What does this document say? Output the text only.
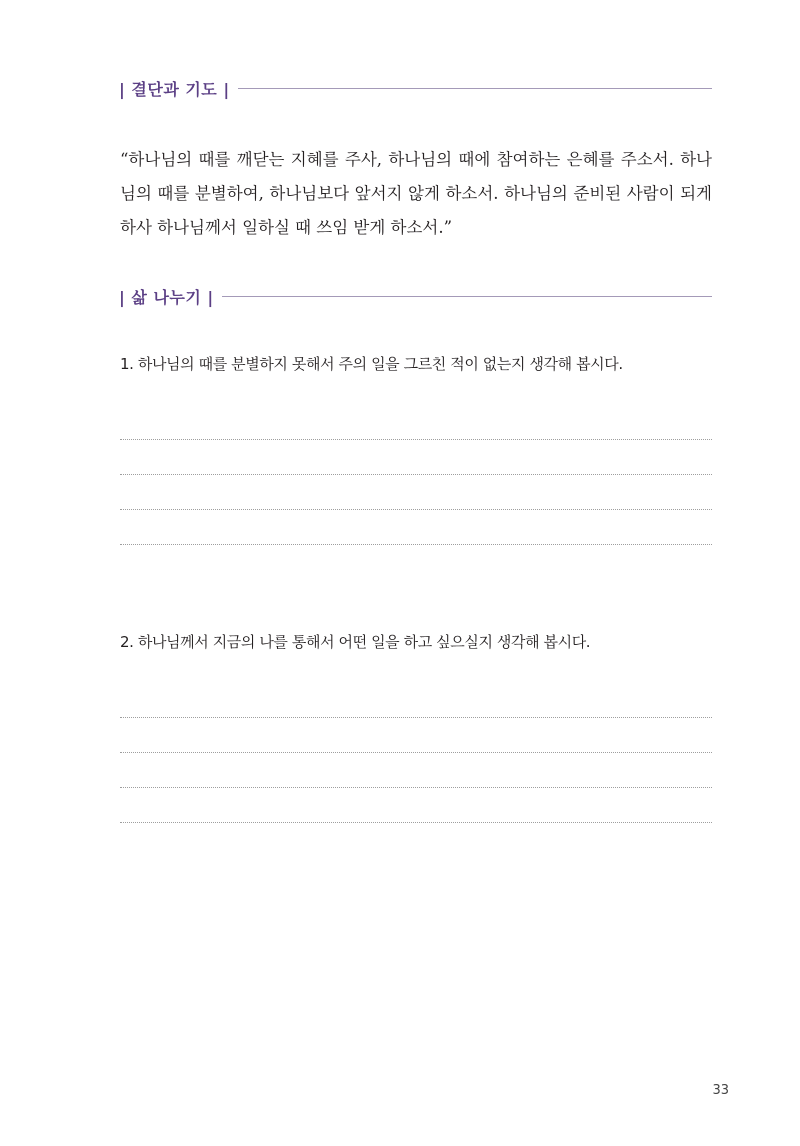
| 결단과 기도 |

“하나님의 때를 깨닫는 지혜를 주사, 하나님의 때에 참여하는 은혜를 주소서. 하나님의 때를 분별하여, 하나님보다 앞서지 않게 하소서. 하나님의 준비된 사람이 되게 하사 하나님께서 일하실 때 쓰임 받게 하소서.”

| 삶 나누기 |
1. 하나님의 때를 분별하지 못해서 주의 일을 그르친 적이 없는지 생각해 봅시다.
2. 하나님께서 지금의 나를 통해서 어떤 일을 하고 싶으실지 생각해 봅시다.
33
